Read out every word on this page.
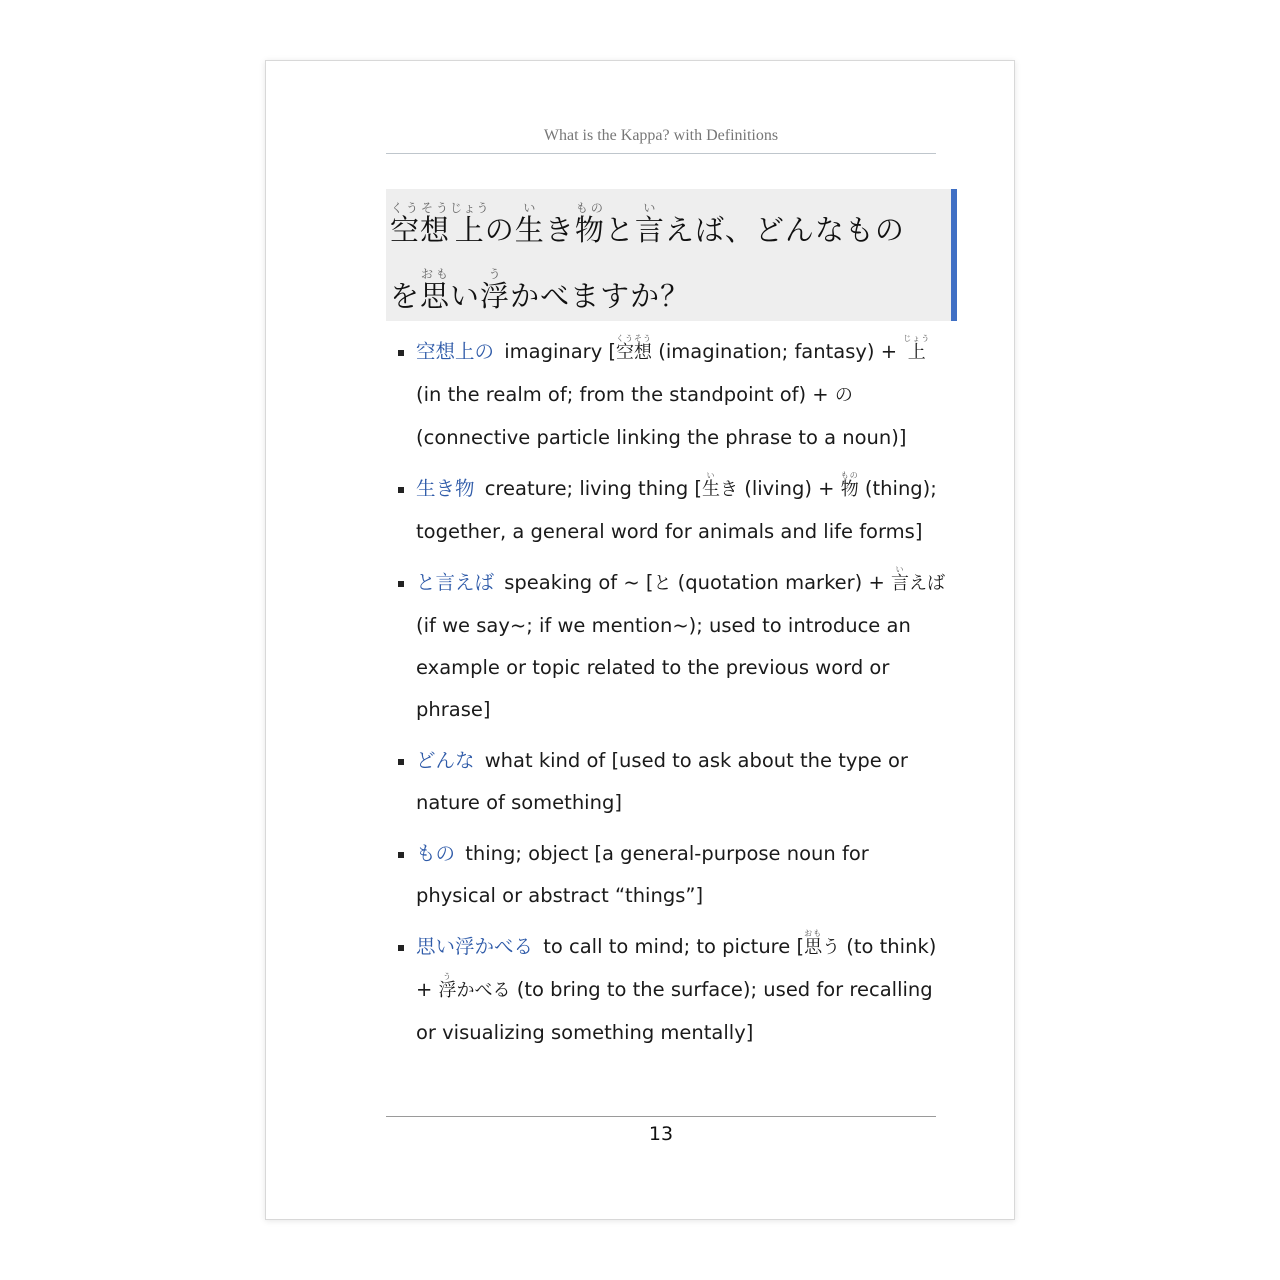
What is the Kappa? with Definitions
空想くうそう上じょうの生いき物ものと言いえば、どんなもの
を思おもい浮うかべますか？
空想上の imaginary [空想くうそう (imagination; fantasy) + 上じょう (in the realm of; from the standpoint of) + の (connective particle linking the phrase to a noun)]
生き物 creature; living thing [生いき (living) + 物もの (thing); together, a general word for animals and life forms]
と言えば speaking of ~ [と (quotation marker) + 言いえば (if we say~; if we mention~); used to introduce an example or topic related to the previous word or phrase]
どんな what kind of [used to ask about the type or nature of something]
もの thing; object [a general-purpose noun for physical or abstract “things”]
思い浮かべる to call to mind; to picture [思おもう (to think) + 浮うかべる (to bring to the surface); used for recalling or visualizing something mentally]
13
